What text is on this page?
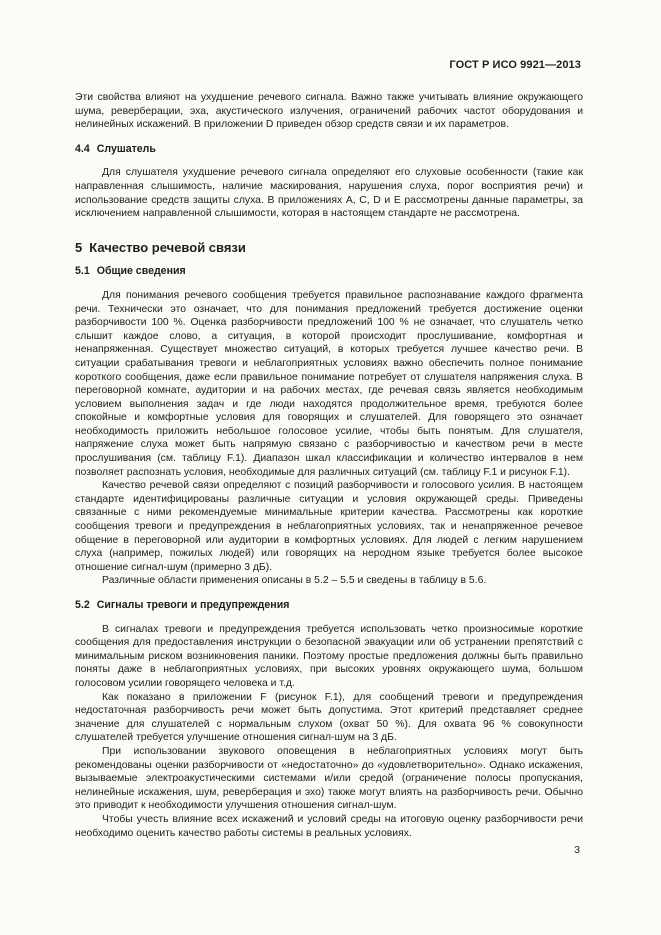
ГОСТ Р ИСО 9921—2013

Эти свойства влияют на ухудшение речевого сигнала. Важно также учитывать влияние окружающего шума, реверберации, эха, акустического излучения, ограничений рабочих частот оборудования и нелинейных искажений. В приложении D приведен обзор средств связи и их параметров.

4.4 Слушатель

Для слушателя ухудшение речевого сигнала определяют его слуховые особенности (такие как направленная слышимость, наличие маскирования, нарушения слуха, порог восприятия речи) и использование средств защиты слуха. В приложениях А, С, D и Е рассмотрены данные параметры, за исключением направленной слышимости, которая в настоящем стандарте не рассмотрена.

5 Качество речевой связи
5.1 Общие сведения

Для понимания речевого сообщения требуется правильное распознавание каждого фрагмента речи. Технически это означает, что для понимания предложений требуется достижение оценки разборчивости 100 %. Оценка разборчивости предложений 100 % не означает, что слушатель четко слышит каждое слово, а ситуация, в которой происходит прослушивание, комфортная и ненапряженная. Существует множество ситуаций, в которых требуется лучшее качество речи. В ситуации срабатывания тревоги и неблагоприятных условиях важно обеспечить полное понимание короткого сообщения, даже если правильное понимание потребует от слушателя напряжения слуха. В переговорной комнате, аудитории и на рабочих местах, где речевая связь является необходимым условием выполнения задач и где люди находятся продолжительное время, требуются более спокойные и комфортные условия для говорящих и слушателей. Для говорящего это означает необходимость приложить небольшое голосовое усилие, чтобы быть понятым. Для слушателя, напряжение слуха может быть напрямую связано с разборчивостью и качеством речи в месте прослушивания (см. таблицу F.1). Диапазон шкал классификации и количество интервалов в нем позволяет распознать условия, необходимые для различных ситуаций (см. таблицу F.1 и рисунок F.1).

Качество речевой связи определяют с позиций разборчивости и голосового усилия. В настоящем стандарте идентифицированы различные ситуации и условия окружающей среды. Приведены связанные с ними рекомендуемые минимальные критерии качества. Рассмотрены как короткие сообщения тревоги и предупреждения в неблагоприятных условиях, так и ненапряженное речевое общение в переговорной или аудитории в комфортных условиях. Для людей с легким нарушением слуха (например, пожилых людей) или говорящих на неродном языке требуется более высокое отношение сигнал-шум (примерно 3 дБ).

Различные области применения описаны в 5.2 – 5.5 и сведены в таблицу в 5.6.

5.2 Сигналы тревоги и предупреждения

В сигналах тревоги и предупреждения требуется использовать четко произносимые короткие сообщения для предоставления инструкции о безопасной эвакуации или об устранении препятствий с минимальным риском возникновения паники. Поэтому простые предложения должны быть правильно поняты даже в неблагоприятных условиях, при высоких уровнях окружающего шума, большом голосовом усилии говорящего человека и т.д.

Как показано в приложении F (рисунок F.1), для сообщений тревоги и предупреждения недостаточная разборчивость речи может быть допустима. Этот критерий представляет среднее значение для слушателей с нормальным слухом (охват 50 %). Для охвата 96 % совокупности слушателей требуется улучшение отношения сигнал-шум на 3 дБ.

При использовании звукового оповещения в неблагоприятных условиях могут быть рекомендованы оценки разборчивости от «недостаточно» до «удовлетворительно». Однако искажения, вызываемые электроакустическими системами и/или средой (ограничение полосы пропускания, нелинейные искажения, шум, реверберация и эхо) также могут влиять на разборчивость речи. Обычно это приводит к необходимости улучшения отношения сигнал-шум.

Чтобы учесть влияние всех искажений и условий среды на итоговую оценку разборчивости речи необходимо оценить качество работы системы в реальных условиях.

3
